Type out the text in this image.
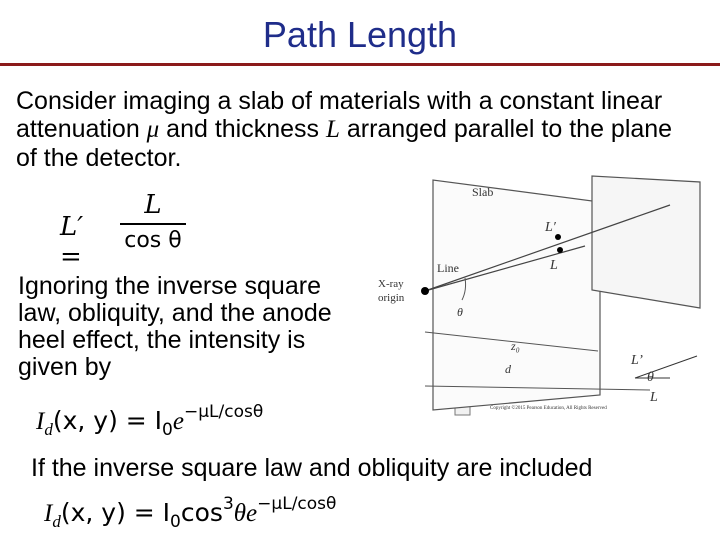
Path Length
Consider imaging a slab of materials with a constant linear attenuation μ and thickness L arranged parallel to the plane of the detector.
L′ =
L
cos θ
Ignoring the inverse square law, obliquity, and the anode heel effect, the intensity is given by
$I_d(x$, $y) = I_0e^{-\mu L/cos\theta}$
If the inverse square law and obliquity are included
$I_d(x$, $y) = I_0\cos^3\theta e^{-\mu L/cos\theta}$
Slab
L′
L
Line
X-ray
origin
θ
z₀
d
Copyright ©2015 Pearson Education, All Rights Reserved
L’
θ
L
